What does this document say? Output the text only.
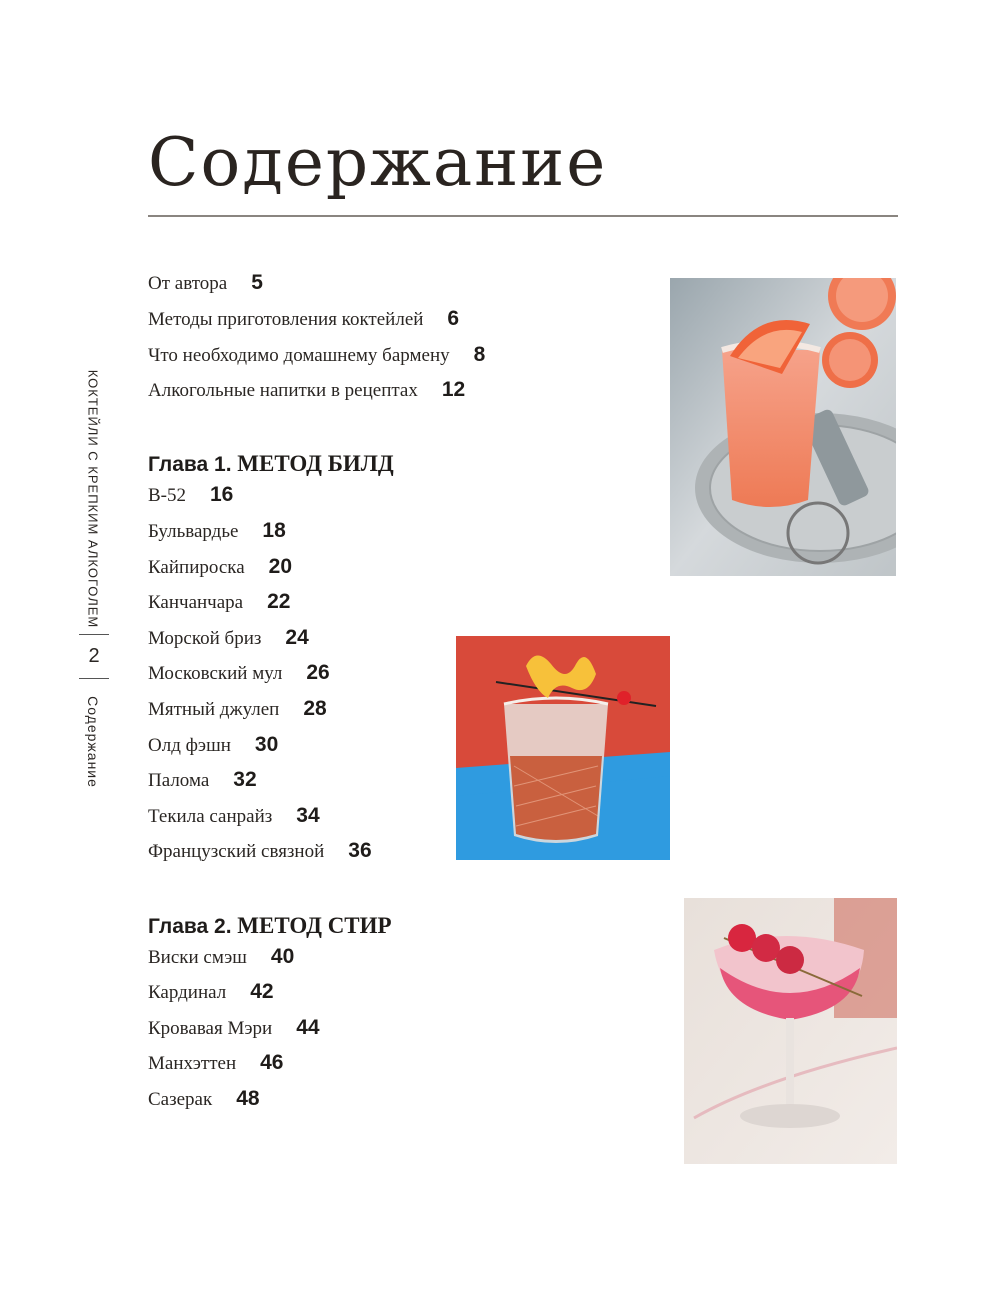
Содержание
КОКТЕЙЛИ С КРЕПКИМ АЛКОГОЛЕМ
2
Содержание
От автора 5
Методы приготовления коктейлей 6
Что необходимо домашнему бармену 8
Алкогольные напитки в рецептах 12
Глава 1. МЕТОД БИЛД
B-52 16
Бульвардье 18
Кайпироска 20
Канчанчара 22
Морской бриз 24
Московский мул 26
Мятный джулеп 28
Олд фэшн 30
Палома 32
Текила санрайз 34
Французский связной 36
Глава 2. МЕТОД СТИР
Виски смэш 40
Кардинал 42
Кровавая Мэри 44
Манхэттен 46
Сазерак 48
